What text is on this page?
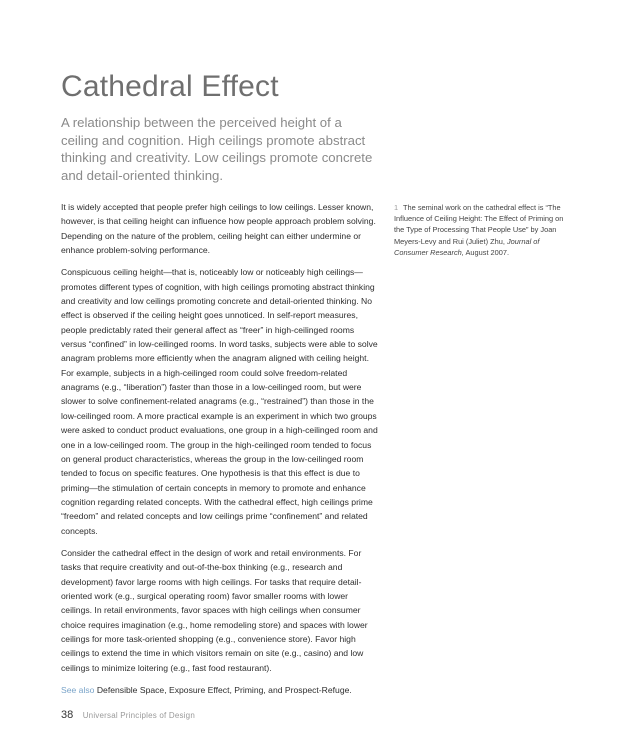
Cathedral Effect

A relationship between the perceived height of a ceiling and cognition. High ceilings promote abstract thinking and creativity. Low ceilings promote concrete and detail-oriented thinking.

It is widely accepted that people prefer high ceilings to low ceilings. Lesser known, however, is that ceiling height can influence how people approach problem solving. Depending on the nature of the problem, ceiling height can either undermine or enhance problem-solving performance.

Conspicuous ceiling height—that is, noticeably low or noticeably high ceilings—promotes different types of cognition, with high ceilings promoting abstract thinking and creativity and low ceilings promoting concrete and detail-oriented thinking. No effect is observed if the ceiling height goes unnoticed. In self-report measures, people predictably rated their general affect as “freer” in high-ceilinged rooms versus “confined” in low-ceilinged rooms. In word tasks, subjects were able to solve anagram problems more efficiently when the anagram aligned with ceiling height. For example, subjects in a high-ceilinged room could solve freedom-related anagrams (e.g., “liberation”) faster than those in a low-ceilinged room, but were slower to solve confinement-related anagrams (e.g., “restrained”) than those in the low-ceilinged room. A more practical example is an experiment in which two groups were asked to conduct product evaluations, one group in a high-ceilinged room and one in a low-ceilinged room. The group in the high-ceilinged room tended to focus on general product characteristics, whereas the group in the low-ceilinged room tended to focus on specific features. One hypothesis is that this effect is due to priming—the stimulation of certain concepts in memory to promote and enhance cognition regarding related concepts. With the cathedral effect, high ceilings prime “freedom” and related concepts and low ceilings prime “confinement” and related concepts.

Consider the cathedral effect in the design of work and retail environments. For tasks that require creativity and out-of-the-box thinking (e.g., research and development) favor large rooms with high ceilings. For tasks that require detail-oriented work (e.g., surgical operating room) favor smaller rooms with lower ceilings. In retail environments, favor spaces with high ceilings when consumer choice requires imagination (e.g., home remodeling store) and spaces with lower ceilings for more task-oriented shopping (e.g., convenience store). Favor high ceilings to extend the time in which visitors remain on site (e.g., casino) and low ceilings to minimize loitering (e.g., fast food restaurant).

See also Defensible Space, Exposure Effect, Priming, and Prospect-Refuge.

1 The seminal work on the cathedral effect is “The Influence of Ceiling Height: The Effect of Priming on the Type of Processing That People Use” by Joan Meyers-Levy and Rui (Juliet) Zhu, Journal of Consumer Research, August 2007.
38 Universal Principles of Design
